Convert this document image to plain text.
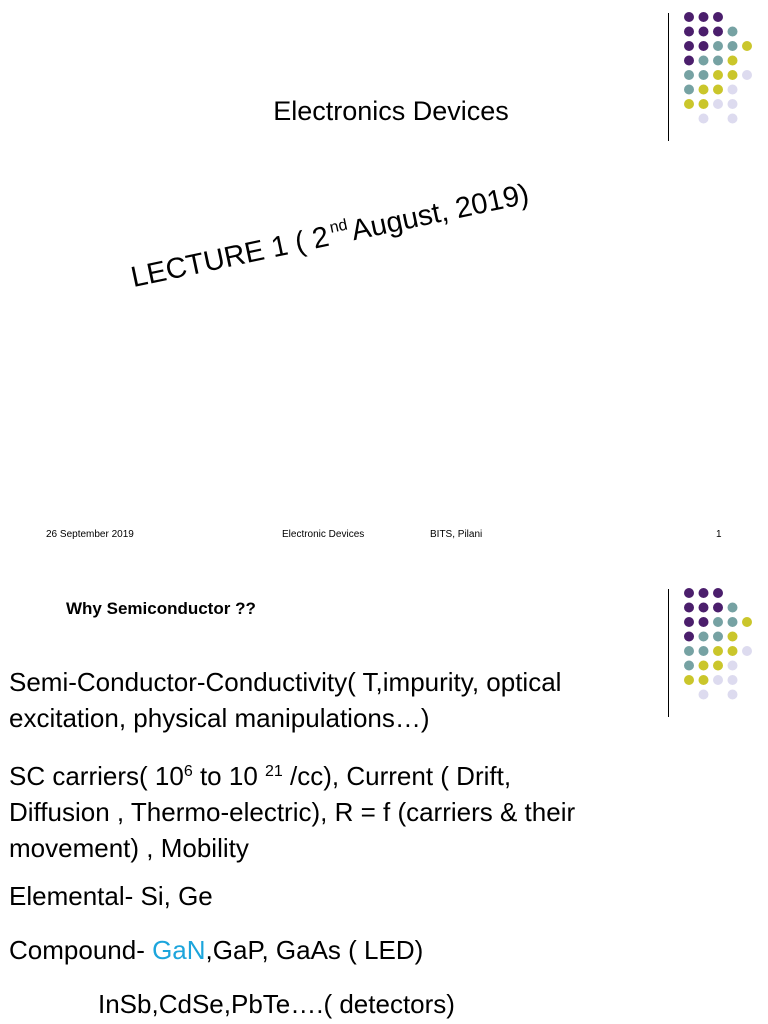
Electronics Devices
LECTURE 1 ( 2ndAugust, 2019)
26 September 2019	Electronic Devices	BITS, Pilani	1
Why Semiconductor ??
Semi-Conductor-Conductivity( T,impurity, optical
excitation, physical manipulations…)
SC carriers( $10^6$ to 10 $^{21}$ /cc), Current ( Drift,
Diffusion , Thermo-electric), R = f (carriers & their
movement) , Mobility
Elemental- Si, Ge
Compound- GaN,GaP, GaAs ( LED)
InSb,CdSe,PbTe….( detectors)
